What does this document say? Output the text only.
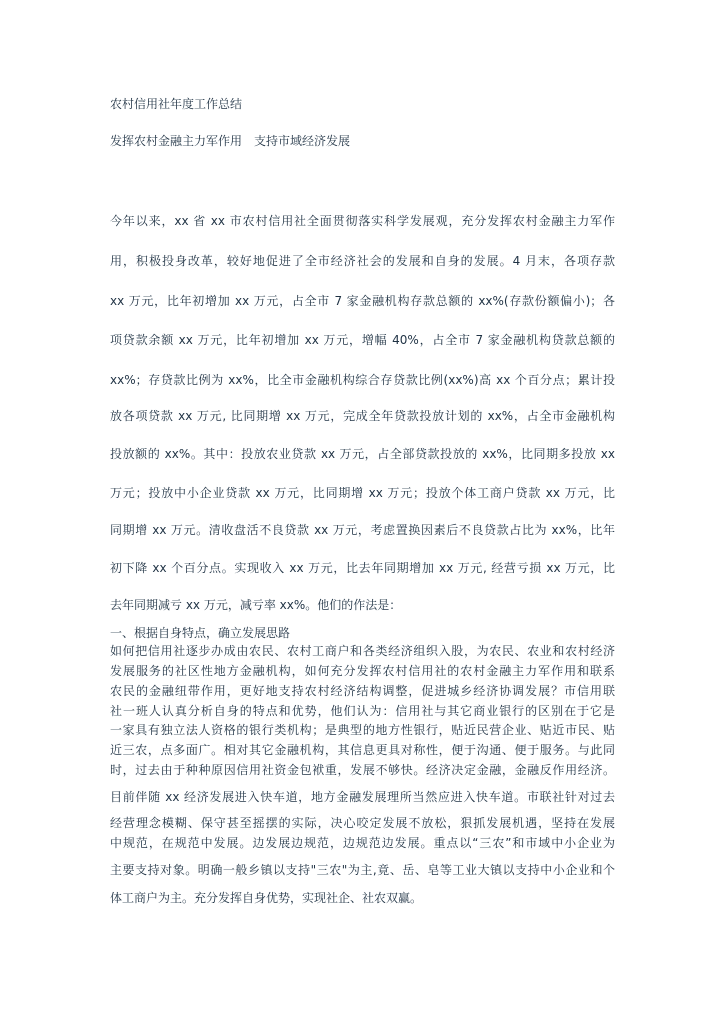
农村信用社年度工作总结
发挥农村金融主力军作用　支持市域经济发展
今年以来，xx 省 xx 市农村信用社全面贯彻落实科学发展观，充分发挥农村金融主力军作
用，积极投身改革，较好地促进了全市经济社会的发展和自身的发展。4 月末，各项存款
xx 万元，比年初增加 xx 万元，占全市 7 家金融机构存款总额的 xx%(存款份额偏小)；各
项贷款余额 xx 万元，比年初增加 xx 万元，增幅 40%，占全市 7 家金融机构贷款总额的
xx%；存贷款比例为 xx%，比全市金融机构综合存贷款比例(xx%)高 xx 个百分点；累计投
放各项贷款 xx 万元, 比同期增 xx 万元，完成全年贷款投放计划的 xx%，占全市金融机构
投放额的 xx%。其中：投放农业贷款 xx 万元，占全部贷款投放的 xx%，比同期多投放 xx
万元；投放中小企业贷款 xx 万元，比同期增 xx 万元；投放个体工商户贷款 xx 万元，比
同期增 xx 万元。清收盘活不良贷款 xx 万元，考虑置换因素后不良贷款占比为 xx%，比年
初下降 xx 个百分点。实现收入 xx 万元，比去年同期增加 xx 万元, 经营亏损 xx 万元，比
去年同期减亏 xx 万元，减亏率 xx%。他们的作法是：
一、根据自身特点，确立发展思路
如何把信用社逐步办成由农民、农村工商户和各类经济组织入股，为农民、农业和农村经济
发展服务的社区性地方金融机构，如何充分发挥农村信用社的农村金融主力军作用和联系
农民的金融纽带作用，更好地支持农村经济结构调整，促进城乡经济协调发展？市信用联
社一班人认真分析自身的特点和优势，他们认为：信用社与其它商业银行的区别在于它是
一家具有独立法人资格的银行类机构；是典型的地方性银行，贴近民营企业、贴近市民、贴
近三农，点多面广。相对其它金融机构，其信息更具对称性，便于沟通、便于服务。与此同
时，过去由于种种原因信用社资金包袱重，发展不够快。经济决定金融，金融反作用经济。
目前伴随 xx 经济发展进入快车道，地方金融发展理所当然应进入快车道。市联社针对过去
经营理念模糊、保守甚至摇摆的实际，决心咬定发展不放松，狠抓发展机遇，坚持在发展
中规范，在规范中发展。边发展边规范，边规范边发展。重点以“三农”和市域中小企业为
主要支持对象。明确一般乡镇以支持"三农"为主,竟、岳、皂等工业大镇以支持中小企业和个
体工商户为主。充分发挥自身优势，实现社企、社农双赢。
